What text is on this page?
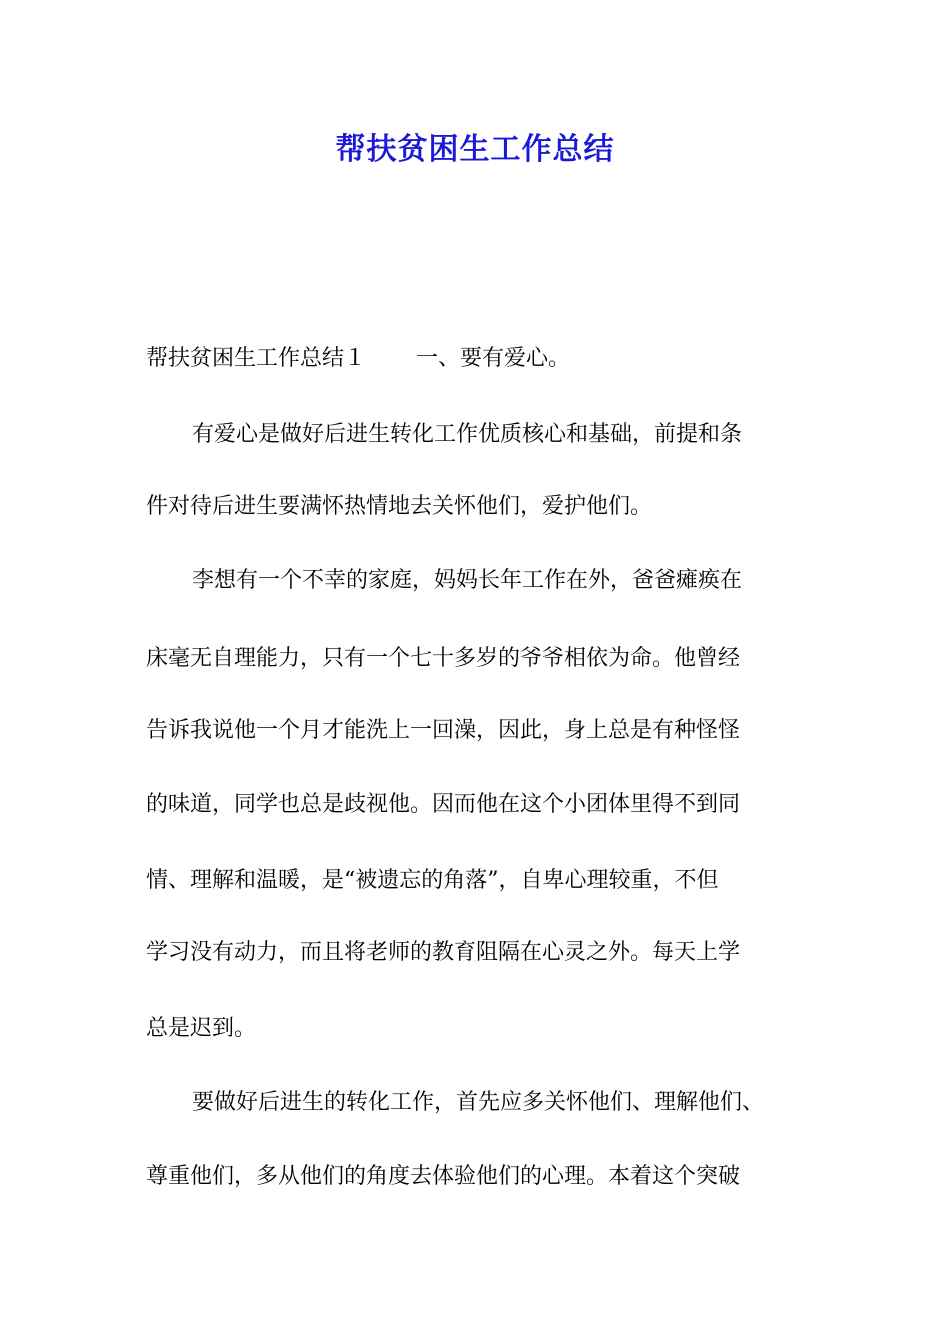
帮扶贫困生工作总结

帮扶贫困生工作总结１ 一、要有爱心。

有爱心是做好后进生转化工作优质核心和基础，前提和条

件对待后进生要满怀热情地去关怀他们，爱护他们。

李想有一个不幸的家庭，妈妈长年工作在外，爸爸瘫痪在

床毫无自理能力，只有一个七十多岁的爷爷相依为命。他曾经

告诉我说他一个月才能洗上一回澡，因此，身上总是有种怪怪

的味道，同学也总是歧视他。因而他在这个小团体里得不到同

情、理解和温暖，是“被遗忘的角落”，自卑心理较重，不但

学习没有动力，而且将老师的教育阻隔在心灵之外。每天上学

总是迟到。

要做好后进生的转化工作，首先应多关怀他们、理解他们、

尊重他们，多从他们的角度去体验他们的心理。本着这个突破
